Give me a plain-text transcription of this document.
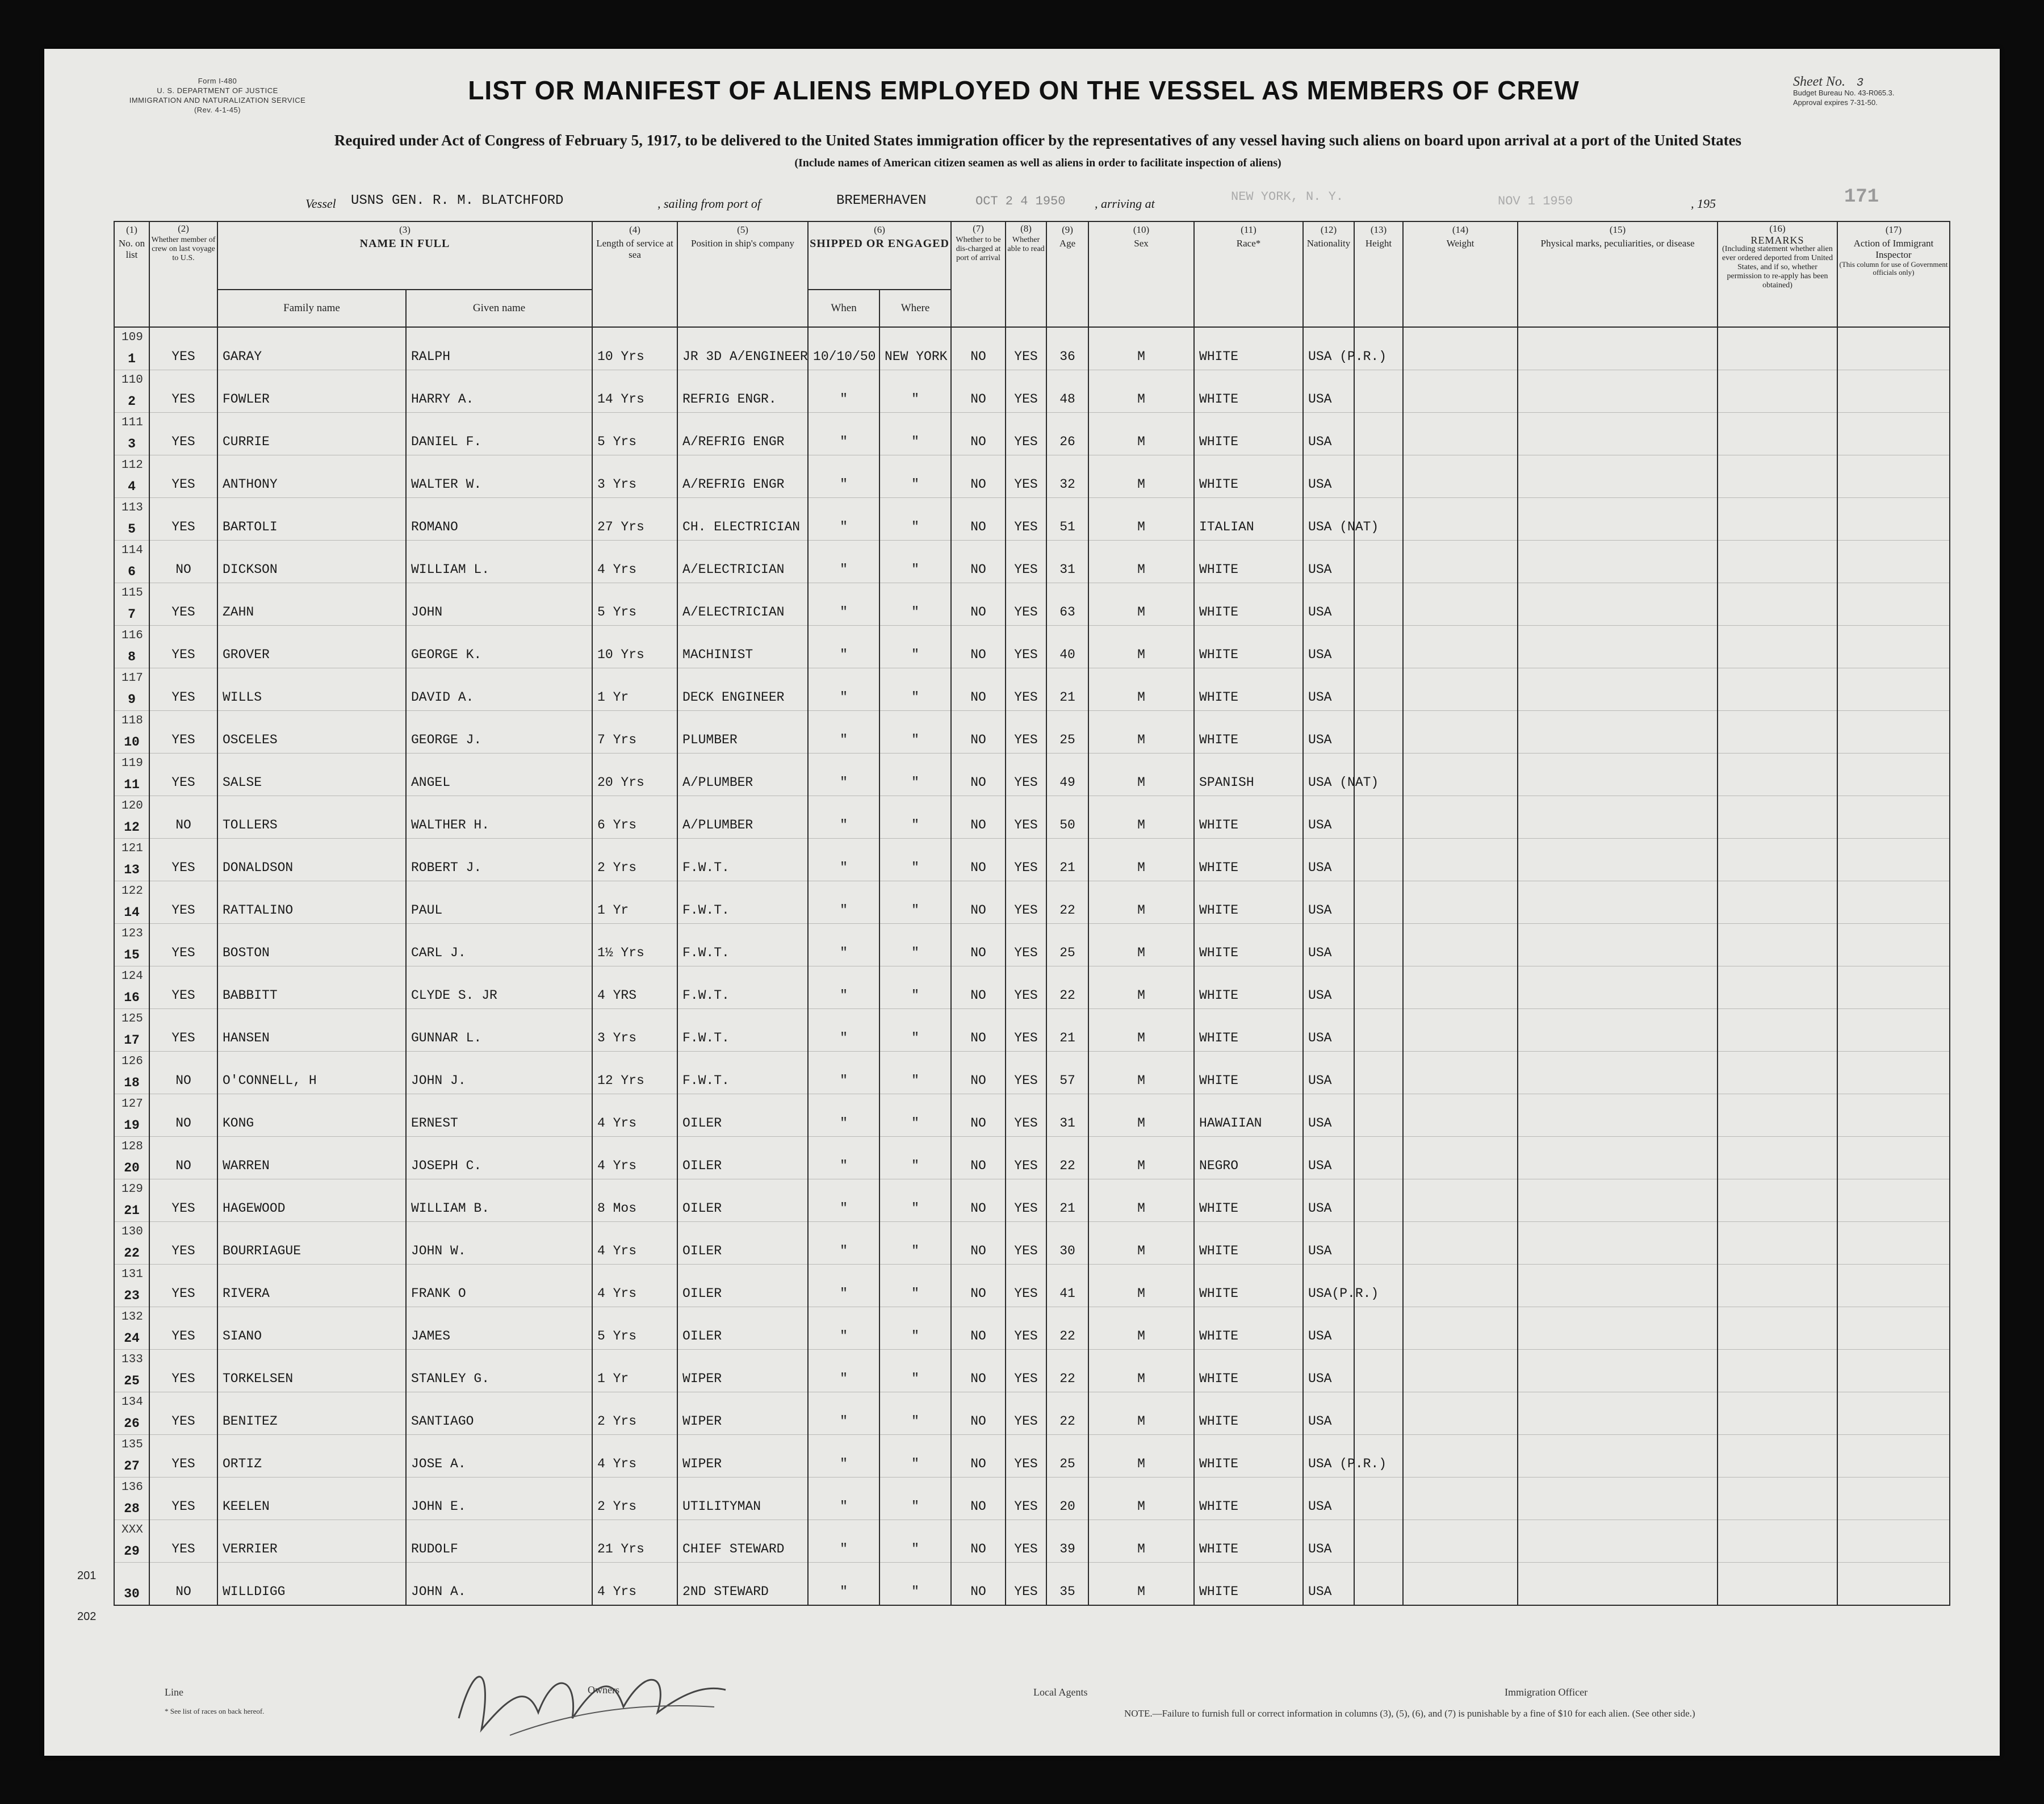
Form I-480
U. S. DEPARTMENT OF JUSTICE
IMMIGRATION AND NATURALIZATION SERVICE
(Rev. 4-1-45)
LIST OR MANIFEST OF ALIENS EMPLOYED ON THE VESSEL AS MEMBERS OF CREW	Sheet No. 3
Budget Bureau No. 43-R065.3.
Approval expires 7-31-50.
Required under Act of Congress of February 5, 1917, to be delivered to the United States immigration officer by the representatives of any vessel having such aliens on board upon arrival at a port of the United States
(Include names of American citizen seamen as well as aliens in order to facilitate inspection of aliens)
Vessel USNS GEN. R. M. BLATCHFORD	, sailing from port of	BREMERHAVEN	OCT 2 4 1950 , arriving at	NEW YORK, N. Y.	NOV 1 1950	, 195	171
(1)
No. on list	(2)
Whether member of crew on last voyage to U.S.	(3)
NAME IN FULL		(4)
Length of service at sea	(5)
Position in ship's company	(6)
SHIPPED OR ENGAGED		(7)
Whether to be dis-charged at port of arrival	(8)
Whether able to read	(9)
Age	(10)
Sex	(11)
Race*	(12)
Nationality	(13)
Height	(14)
Weight	(15)
Physical marks, peculiarities, or disease	(16)
REMARKS
(Including statement whether alien ever ordered deported from United States, and if so, whether permission to re-apply has been obtained)	(17)
Action of Immigrant Inspector
(This column for use of Government officials only)

		Family name	Given name			When	Where											

109
1	YES	GARAY	RALPH	10 Yrs	JR 3D A/ENGINEER	10/10/50	NEW YORK	NO	YES	36	M	WHITE	USA (P.R.)					

110
2	YES	FOWLER	HARRY A.	14 Yrs	REFRIG ENGR.	"	"	NO	YES	48	M	WHITE	USA					

111
3	YES	CURRIE	DANIEL F.	5 Yrs	A/REFRIG ENGR	"	"	NO	YES	26	M	WHITE	USA					

112
4	YES	ANTHONY	WALTER W.	3 Yrs	A/REFRIG ENGR	"	"	NO	YES	32	M	WHITE	USA					

113
5	YES	BARTOLI	ROMANO	27 Yrs	CH. ELECTRICIAN	"	"	NO	YES	51	M	ITALIAN	USA (NAT)					

114
6	NO	DICKSON	WILLIAM L.	4 Yrs	A/ELECTRICIAN	"	"	NO	YES	31	M	WHITE	USA					

115
7	YES	ZAHN	JOHN	5 Yrs	A/ELECTRICIAN	"	"	NO	YES	63	M	WHITE	USA					

116
8	YES	GROVER	GEORGE K.	10 Yrs	MACHINIST	"	"	NO	YES	40	M	WHITE	USA					

117
9	YES	WILLS	DAVID A.	1 Yr	DECK ENGINEER	"	"	NO	YES	21	M	WHITE	USA					

118
10	YES	OSCELES	GEORGE J.	7 Yrs	PLUMBER	"	"	NO	YES	25	M	WHITE	USA					

119
11	YES	SALSE	ANGEL	20 Yrs	A/PLUMBER	"	"	NO	YES	49	M	SPANISH	USA (NAT)					

120
12	NO	TOLLERS	WALTHER H.	6 Yrs	A/PLUMBER	"	"	NO	YES	50	M	WHITE	USA					

121
13	YES	DONALDSON	ROBERT J.	2 Yrs	F.W.T.	"	"	NO	YES	21	M	WHITE	USA					

122
14	YES	RATTALINO	PAUL	1 Yr	F.W.T.	"	"	NO	YES	22	M	WHITE	USA					

123
15	YES	BOSTON	CARL J.	1½ Yrs	F.W.T.	"	"	NO	YES	25	M	WHITE	USA					

124
16	YES	BABBITT	CLYDE S. JR	4 YRS	F.W.T.	"	"	NO	YES	22	M	WHITE	USA					

125
17	YES	HANSEN	GUNNAR L.	3 Yrs	F.W.T.	"	"	NO	YES	21	M	WHITE	USA					

126
18	NO	O'CONNELL, H	JOHN J.	12 Yrs	F.W.T.	"	"	NO	YES	57	M	WHITE	USA					

127
19	NO	KONG	ERNEST	4 Yrs	OILER	"	"	NO	YES	31	M	HAWAIIAN	USA					

128
20	NO	WARREN	JOSEPH C.	4 Yrs	OILER	"	"	NO	YES	22	M	NEGRO	USA					

129
21	YES	HAGEWOOD	WILLIAM B.	8 Mos	OILER	"	"	NO	YES	21	M	WHITE	USA					

130
22	YES	BOURRIAGUE	JOHN W.	4 Yrs	OILER	"	"	NO	YES	30	M	WHITE	USA					

131
23	YES	RIVERA	FRANK O	4 Yrs	OILER	"	"	NO	YES	41	M	WHITE	USA(P.R.)					

132
24	YES	SIANO	JAMES	5 Yrs	OILER	"	"	NO	YES	22	M	WHITE	USA					

133
25	YES	TORKELSEN	STANLEY G.	1 Yr	WIPER	"	"	NO	YES	22	M	WHITE	USA					

134
26	YES	BENITEZ	SANTIAGO	2 Yrs	WIPER	"	"	NO	YES	22	M	WHITE	USA					

135
27	YES	ORTIZ	JOSE A.	4 Yrs	WIPER	"	"	NO	YES	25	M	WHITE	USA (P.R.)					

136
28	YES	KEELEN	JOHN E.	2 Yrs	UTILITYMAN	"	"	NO	YES	20	M	WHITE	USA					

XXX
29	YES	VERRIER	RUDOLF	21 Yrs	CHIEF STEWARD	"	"	NO	YES	39	M	WHITE	USA					

30	NO	WILLDIGG	JOHN A.	4 Yrs	2ND STEWARD	"	"	NO	YES	35	M	WHITE	USA					

201
202
Line	Owners	Local Agents	Immigration Officer
* See list of races on back hereof.	NOTE.—Failure to furnish full or correct information in columns (3), (5), (6), and (7) is punishable by a fine of $10 for each alien. (See other side.)
